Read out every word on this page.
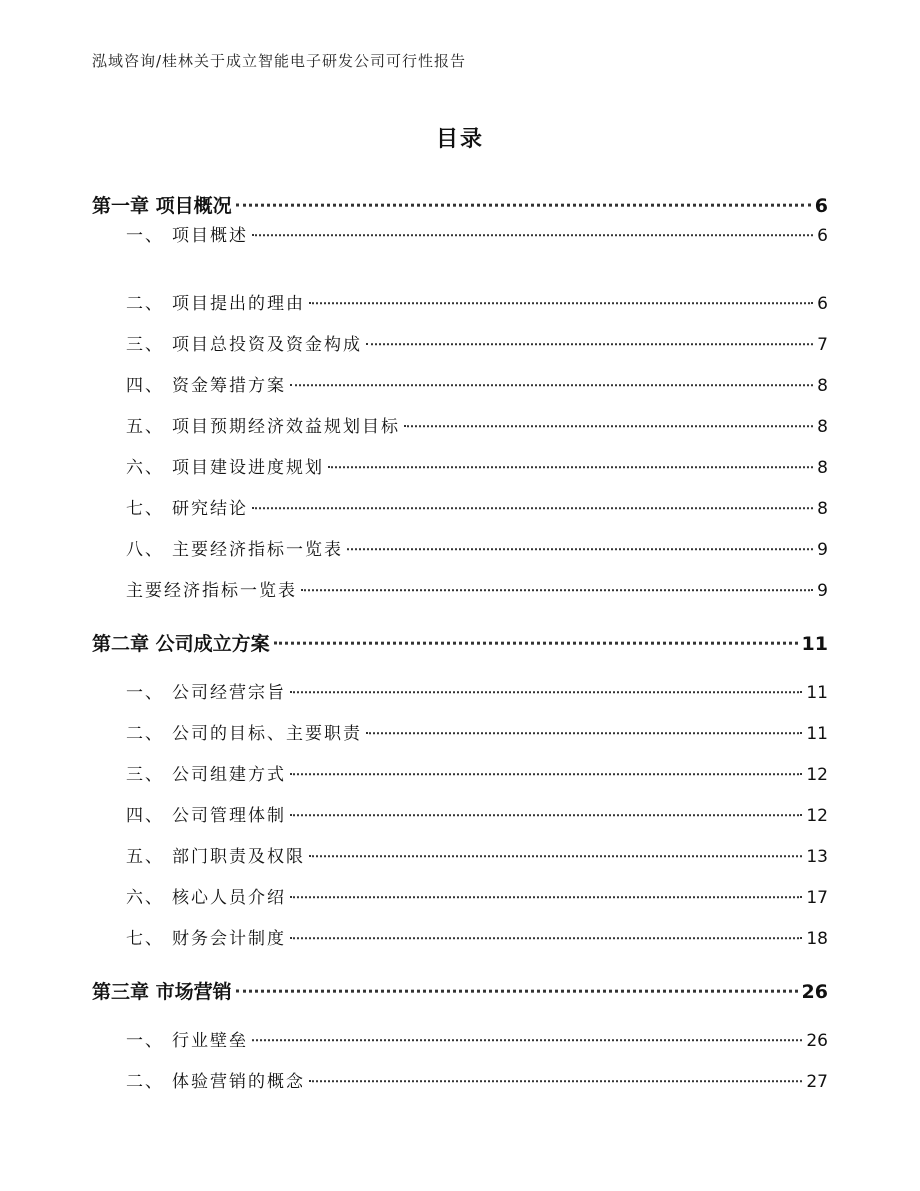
泓域咨询/桂林关于成立智能电子研发公司可行性报告
目录
第一章 项目概况	6
一、 项目概述	6
二、 项目提出的理由	6
三、 项目总投资及资金构成	7
四、 资金筹措方案	8
五、 项目预期经济效益规划目标	8
六、 项目建设进度规划	8
七、 研究结论	8
八、 主要经济指标一览表	9
主要经济指标一览表	9
第二章 公司成立方案	11
一、 公司经营宗旨	11
二、 公司的目标、主要职责	11
三、 公司组建方式	12
四、 公司管理体制	12
五、 部门职责及权限	13
六、 核心人员介绍	17
七、 财务会计制度	18
第三章 市场营销	26
一、 行业壁垒	26
二、 体验营销的概念	27
